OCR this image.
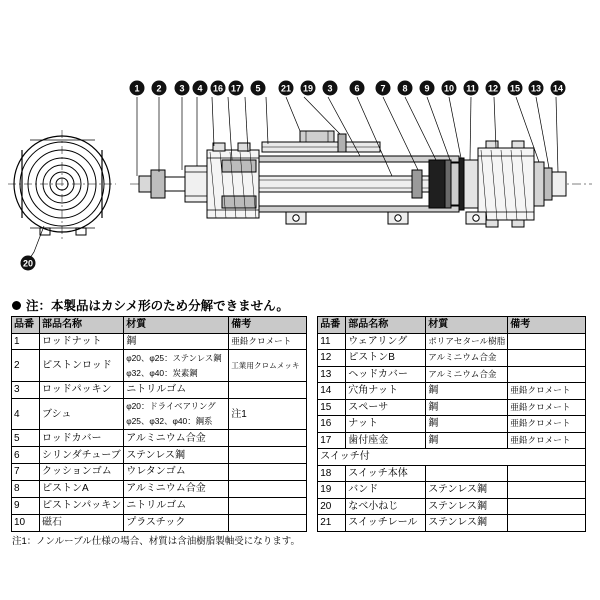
1 2 3 4 16 17 5 21 19 3 6 7 8 9 10 11 12 15 13 14
20
注：本製品はカシメ形のため分解できません。
品番	部品名称	材質	備考
1	ロッドナット	鋼	亜鉛クロメート
2	ピストンロッド	φ20、φ25：ステンレス鋼
φ32、φ40：炭素鋼	工業用クロムメッキ
3	ロッドパッキン	ニトリルゴム	
4	ブシュ	φ20：ドライベアリング
φ25、φ32、φ40：鋼系	注1
5	ロッドカバー	アルミニウム合金	
6	シリンダチューブ	ステンレス鋼	
7	クッションゴム	ウレタンゴム	
8	ピストンA	アルミニウム合金	
9	ピストンパッキン	ニトリルゴム	
10	磁石	プラスチック	
品番	部品名称	材質	備考
11	ウェアリング	ポリアセタール樹脂	
12	ピストンB	アルミニウム合金	
13	ヘッドカバー	アルミニウム合金	
14	穴角ナット	鋼	亜鉛クロメート
15	スペーサ	鋼	亜鉛クロメート
16	ナット	鋼	亜鉛クロメート
17	歯付座金	鋼	亜鉛クロメート
スイッチ付			
18	スイッチ本体		
19	バンド	ステンレス鋼	
20	なべ小ねじ	ステンレス鋼	
21	スイッチレール	ステンレス鋼	
注1：ノンルーブル仕様の場合、材質は含油樹脂製軸受になります。
